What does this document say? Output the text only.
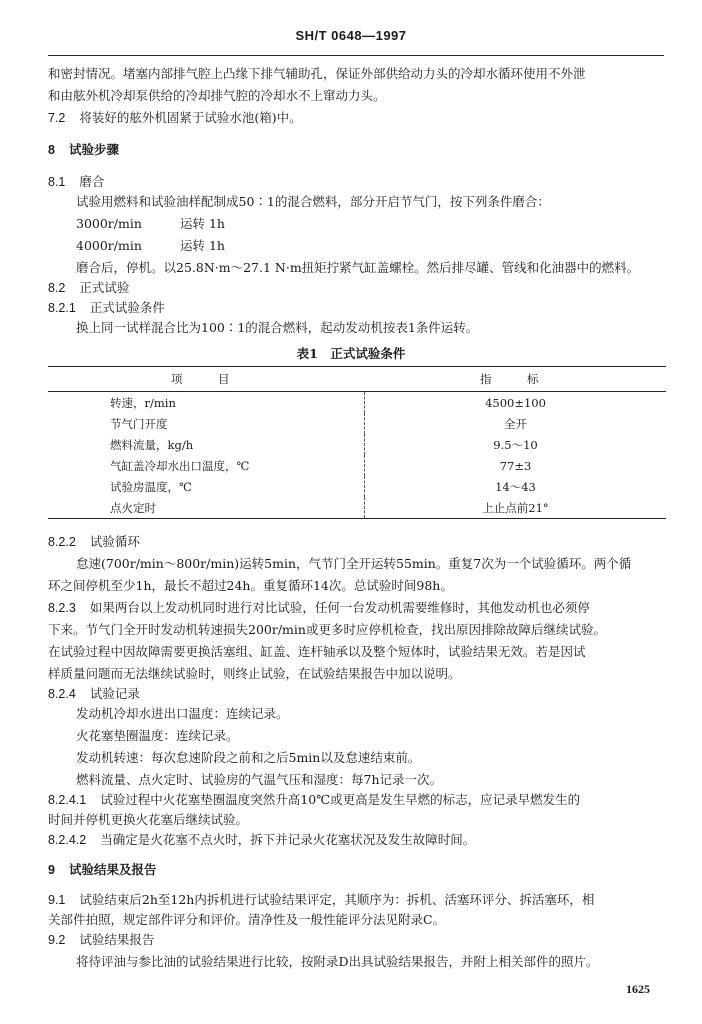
SH/T 0648—1997
和密封情况。堵塞内部排气腔上凸缘下排气辅助孔，保证外部供给动力头的冷却水循环使用不外泄
和由舷外机冷却泵供给的冷却排气腔的冷却水不上窜动力头。
7.2 将装好的舷外机固紧于试验水池(箱)中。
8 试验步骤
8.1 磨合
试验用燃料和试验油样配制成50∶1的混合燃料，部分开启节气门，按下列条件磨合：
3000r/min	运转 1h
4000r/min	运转 1h
磨合后，停机。以25.8N·m～27.1 N·m扭矩拧紧气缸盖螺栓。然后排尽罐、管线和化油器中的燃料。
8.2 正式试验
8.2.1 正式试验条件
换上同一试样混合比为100∶1的混合燃料，起动发动机按表1条件运转。
表1　正式试验条件
项　目	指　标
转速，r/min	4500±100
节气门开度	全开
燃料流量，kg/h	9.5～10
气缸盖冷却水出口温度，℃	77±3
试验房温度，℃	14～43
点火定时	上止点前21°
8.2.2 试验循环
怠速(700r/min～800r/min)运转5min，气节门全开运转55min。重复7次为一个试验循环。两个循
环之间停机至少1h，最长不超过24h。重复循环14次。总试验时间98h。
8.2.3 如果两台以上发动机同时进行对比试验，任何一台发动机需要维修时，其他发动机也必须停
下来。节气门全开时发动机转速损失200r/min或更多时应停机检查，找出原因排除故障后继续试验。
在试验过程中因故障需要更换活塞组、缸盖、连杆轴承以及整个短体时，试验结果无效。若是因试
样质量问题而无法继续试验时，则终止试验，在试验结果报告中加以说明。
8.2.4 试验记录
发动机冷却水进出口温度：连续记录。
火花塞垫圈温度：连续记录。
发动机转速：每次怠速阶段之前和之后5min以及怠速结束前。
燃料流量、点火定时、试验房的气温气压和湿度：每7h记录一次。
8.2.4.1 试验过程中火花塞垫圈温度突然升高10℃或更高是发生早燃的标志，应记录早燃发生的
时间并停机更换火花塞后继续试验。
8.2.4.2 当确定是火花塞不点火时，拆下并记录火花塞状况及发生故障时间。
9 试验结果及报告
9.1 试验结束后2h至12h内拆机进行试验结果评定，其顺序为：拆机、活塞环评分、拆活塞环，相
关部件拍照，规定部件评分和评价。清净性及一般性能评分法见附录C。
9.2 试验结果报告
将待评油与参比油的试验结果进行比较，按附录D出具试验结果报告，并附上相关部件的照片。
1625
